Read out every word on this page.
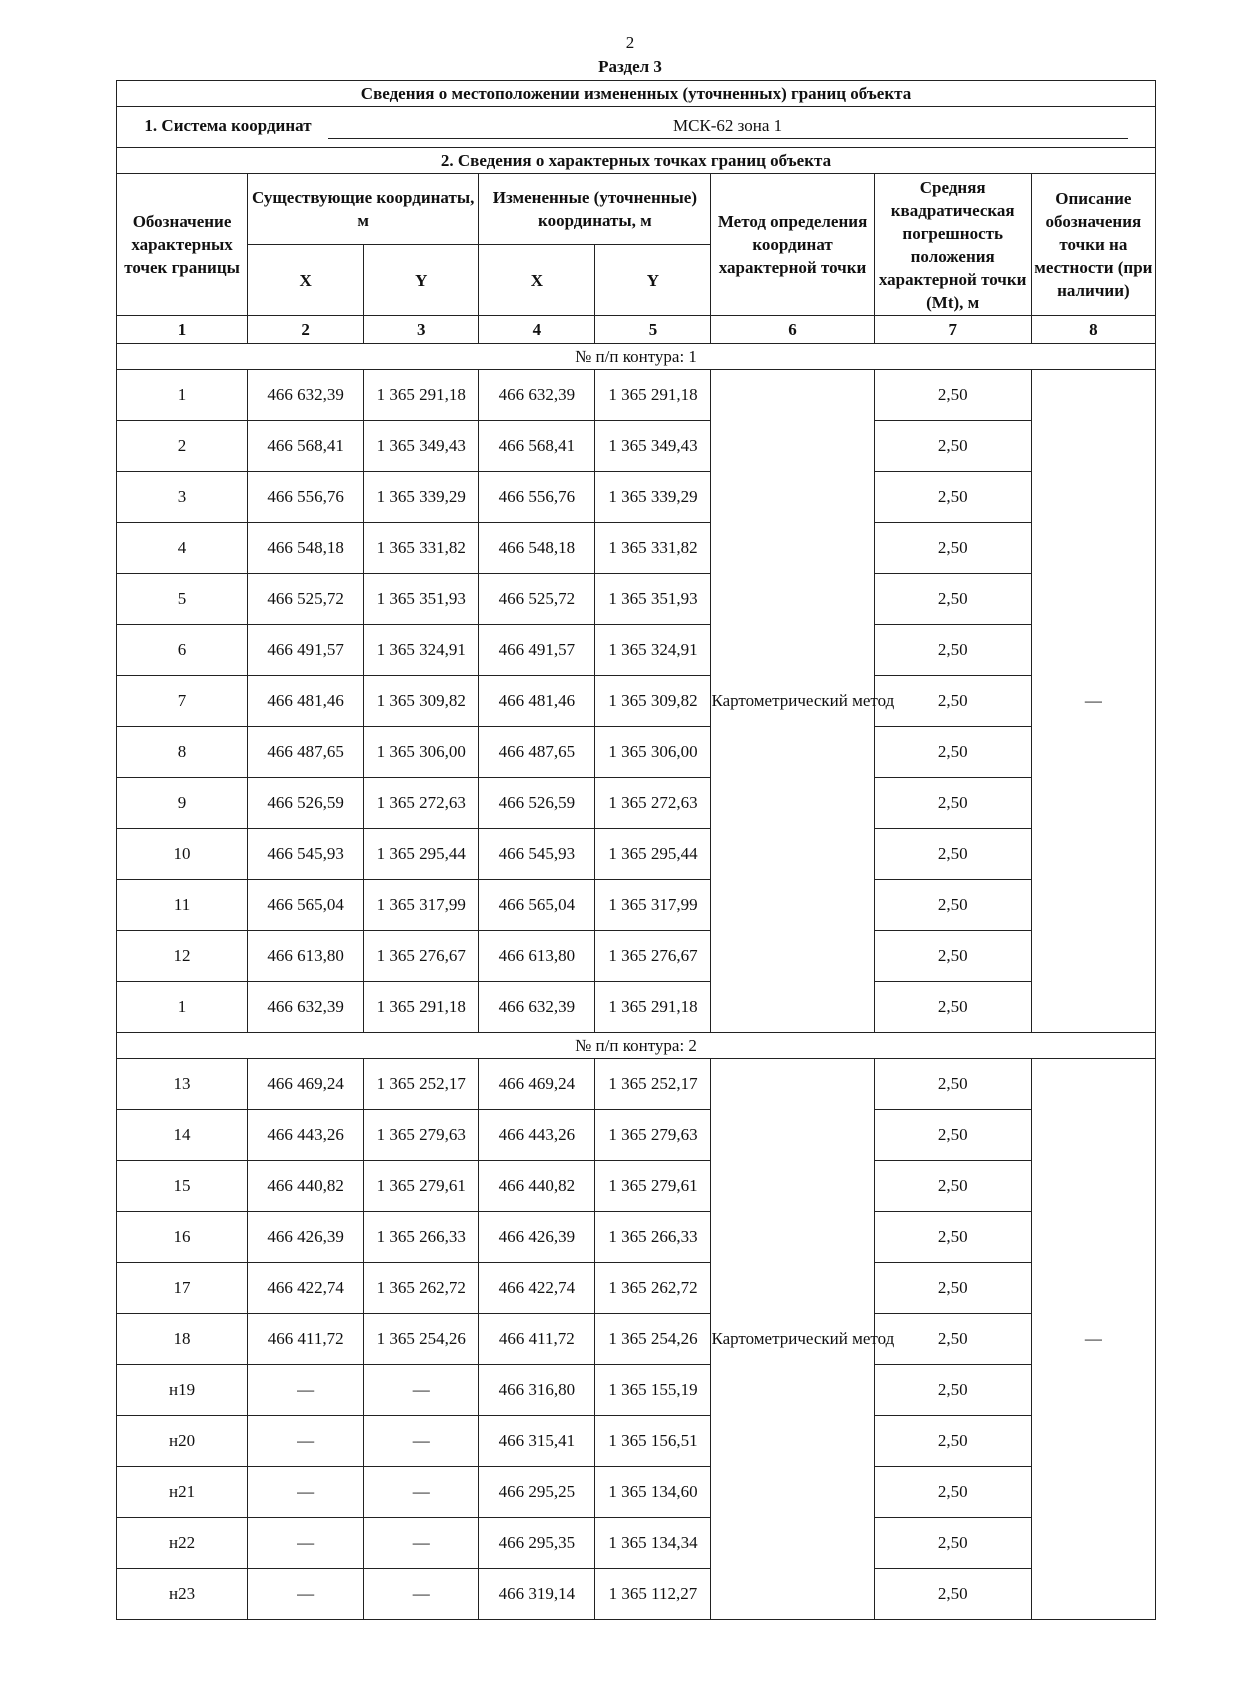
2
Раздел 3
Сведения о местоположении измененных (уточненных) границ объекта							
1. Система координат МСК-62 зона 1							
2. Сведения о характерных точках границ объекта							
Обозначение характерных точек границы	Существующие координаты, м		Измененные (уточненные) координаты, м		Метод определения координат характерной точки	Средняя квадратическая погрешность положения характерной точки (Mt), м	Описание обозначения точки на местности (при наличии)
	X	Y	X	Y			
1	2	3	4	5	6	7	8
№ п/п контура: 1							
1	466 632,39	1 365 291,18	466 632,39	1 365 291,18	Картометрический метод	2,50	—
2	466 568,41	1 365 349,43	466 568,41	1 365 349,43		2,50	
3	466 556,76	1 365 339,29	466 556,76	1 365 339,29		2,50	
4	466 548,18	1 365 331,82	466 548,18	1 365 331,82		2,50	
5	466 525,72	1 365 351,93	466 525,72	1 365 351,93		2,50	
6	466 491,57	1 365 324,91	466 491,57	1 365 324,91		2,50	
7	466 481,46	1 365 309,82	466 481,46	1 365 309,82		2,50	
8	466 487,65	1 365 306,00	466 487,65	1 365 306,00		2,50	
9	466 526,59	1 365 272,63	466 526,59	1 365 272,63		2,50	
10	466 545,93	1 365 295,44	466 545,93	1 365 295,44		2,50	
11	466 565,04	1 365 317,99	466 565,04	1 365 317,99		2,50	
12	466 613,80	1 365 276,67	466 613,80	1 365 276,67		2,50	
1	466 632,39	1 365 291,18	466 632,39	1 365 291,18		2,50	
№ п/п контура: 2							
13	466 469,24	1 365 252,17	466 469,24	1 365 252,17	Картометрический метод	2,50	—
14	466 443,26	1 365 279,63	466 443,26	1 365 279,63		2,50	
15	466 440,82	1 365 279,61	466 440,82	1 365 279,61		2,50	
16	466 426,39	1 365 266,33	466 426,39	1 365 266,33		2,50	
17	466 422,74	1 365 262,72	466 422,74	1 365 262,72		2,50	
18	466 411,72	1 365 254,26	466 411,72	1 365 254,26		2,50	
н19	—	—	466 316,80	1 365 155,19		2,50	
н20	—	—	466 315,41	1 365 156,51		2,50	
н21	—	—	466 295,25	1 365 134,60		2,50	
н22	—	—	466 295,35	1 365 134,34		2,50	
н23	—	—	466 319,14	1 365 112,27		2,50	
